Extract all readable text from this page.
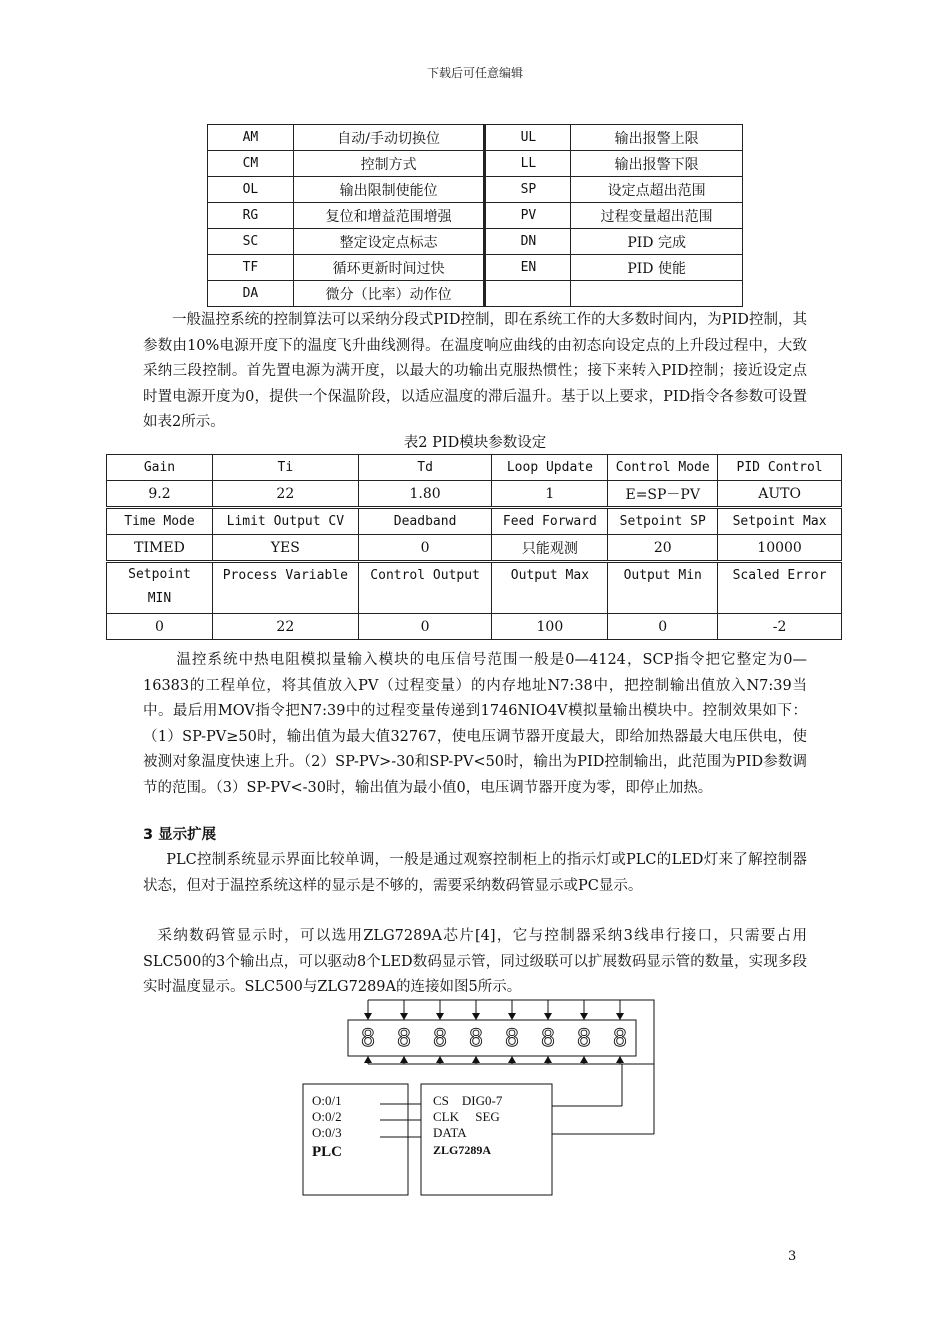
下载后可任意编辑
AM	自动/手动切换位	UL	输出报警上限
CM	控制方式	LL	输出报警下限
OL	输出限制使能位	SP	设定点超出范围
RG	复位和增益范围增强	PV	过程变量超出范围
SC	整定设定点标志	DN	PID 完成
TF	循环更新时间过快	EN	PID 使能
DA	微分（比率）动作位		
一般温控系统的控制算法可以采纳分段式PID控制，即在系统工作的大多数时间内，为PID控制，其参数由10%电源开度下的温度飞升曲线测得。在温度响应曲线的由初态向设定点的上升段过程中，大致采纳三段控制。首先置电源为满开度，以最大的功输出克服热惯性；接下来转入PID控制；接近设定点时置电源开度为0，提供一个保温阶段，以适应温度的滞后温升。基于以上要求，PID指令各参数可设置如表2所示。
表2 PID模块参数设定
Gain	Ti	Td	Loop Update	Control Mode	PID Control
9.2	22	1.80	1	E=SP－PV	AUTO
Time Mode	Limit Output CV	Deadband	Feed Forward	Setpoint SP	Setpoint Max
TIMED	YES	0	只能观测	20	10000
Setpoint MIN	Process Variable	Control Output	Output Max	Output Min	Scaled Error
0	22	0	100	0	-2
温控系统中热电阻模拟量输入模块的电压信号范围一般是0—4124，SCP指令把它整定为0—16383的工程单位，将其值放入PV（过程变量）的内存地址N7:38中，把控制输出值放入N7:39当中。最后用MOV指令把N7:39中的过程变量传递到1746NIO4V模拟量输出模块中。控制效果如下：（1）SP-PV≥50时，输出值为最大值32767，使电压调节器开度最大，即给加热器最大电压供电，使被测对象温度快速上升。（2）SP-PV>-30和SP-PV<50时，输出为PID控制输出，此范围为PID参数调节的范围。（3）SP-PV<-30时，输出值为最小值0，电压调节器开度为零，即停止加热。
3 显示扩展
PLC控制系统显示界面比较单调，一般是通过观察控制柜上的指示灯或PLC的LED灯来了解控制器状态，但对于温控系统这样的显示是不够的，需要采纳数码管显示或PC显示。
采纳数码管显示时，可以选用ZLG7289A芯片[4]，它与控制器采纳3线串行接口，只需要占用SLC500的3个输出点，可以驱动8个LED数码显示管，同过级联可以扩展数码显示管的数量，实现多段实时温度显示。SLC500与ZLG7289A的连接如图5所示。
8 8 8 8 8 8 8 8
O:0/1
O:0/2
O:0/3
PLC
CS    DIG0-7
CLK     SEG
DATA
ZLG7289A
3
